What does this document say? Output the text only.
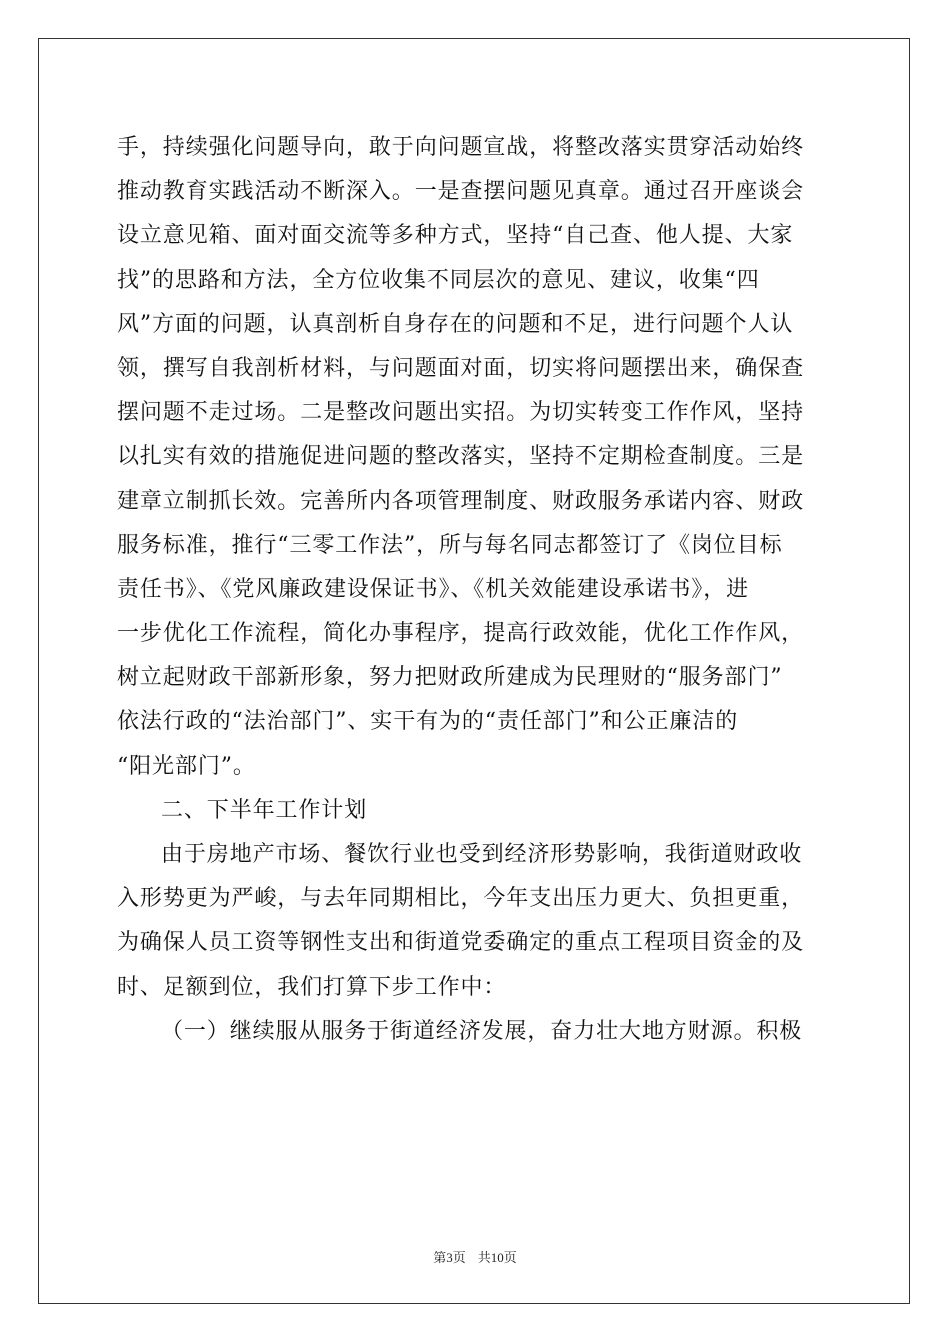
手，持续强化问题导向，敢于向问题宣战，将整改落实贯穿活动始终
推动教育实践活动不断深入。一是查摆问题见真章。通过召开座谈会
设立意见箱、面对面交流等多种方式，坚持“自己查、他人提、大家
找”的思路和方法，全方位收集不同层次的意见、建议，收集“四
风”方面的问题，认真剖析自身存在的问题和不足，进行问题个人认
领，撰写自我剖析材料，与问题面对面，切实将问题摆出来，确保查
摆问题不走过场。二是整改问题出实招。为切实转变工作作风，坚持
以扎实有效的措施促进问题的整改落实，坚持不定期检查制度。三是
建章立制抓长效。完善所内各项管理制度、财政服务承诺内容、财政
服务标准，推行“三零工作法”，所与每名同志都签订了《岗位目标
责任书》、《党风廉政建设保证书》、《机关效能建设承诺书》，进
一步优化工作流程，简化办事程序，提高行政效能，优化工作作风，
树立起财政干部新形象，努力把财政所建成为民理财的“服务部门”
依法行政的“法治部门”、实干有为的“责任部门”和公正廉洁的
“阳光部门”。
二、下半年工作计划
由于房地产市场、餐饮行业也受到经济形势影响，我街道财政收
入形势更为严峻，与去年同期相比，今年支出压力更大、负担更重，
为确保人员工资等钢性支出和街道党委确定的重点工程项目资金的及
时、足额到位，我们打算下步工作中：
（一）继续服从服务于街道经济发展，奋力壮大地方财源。积极
第3页 共10页
